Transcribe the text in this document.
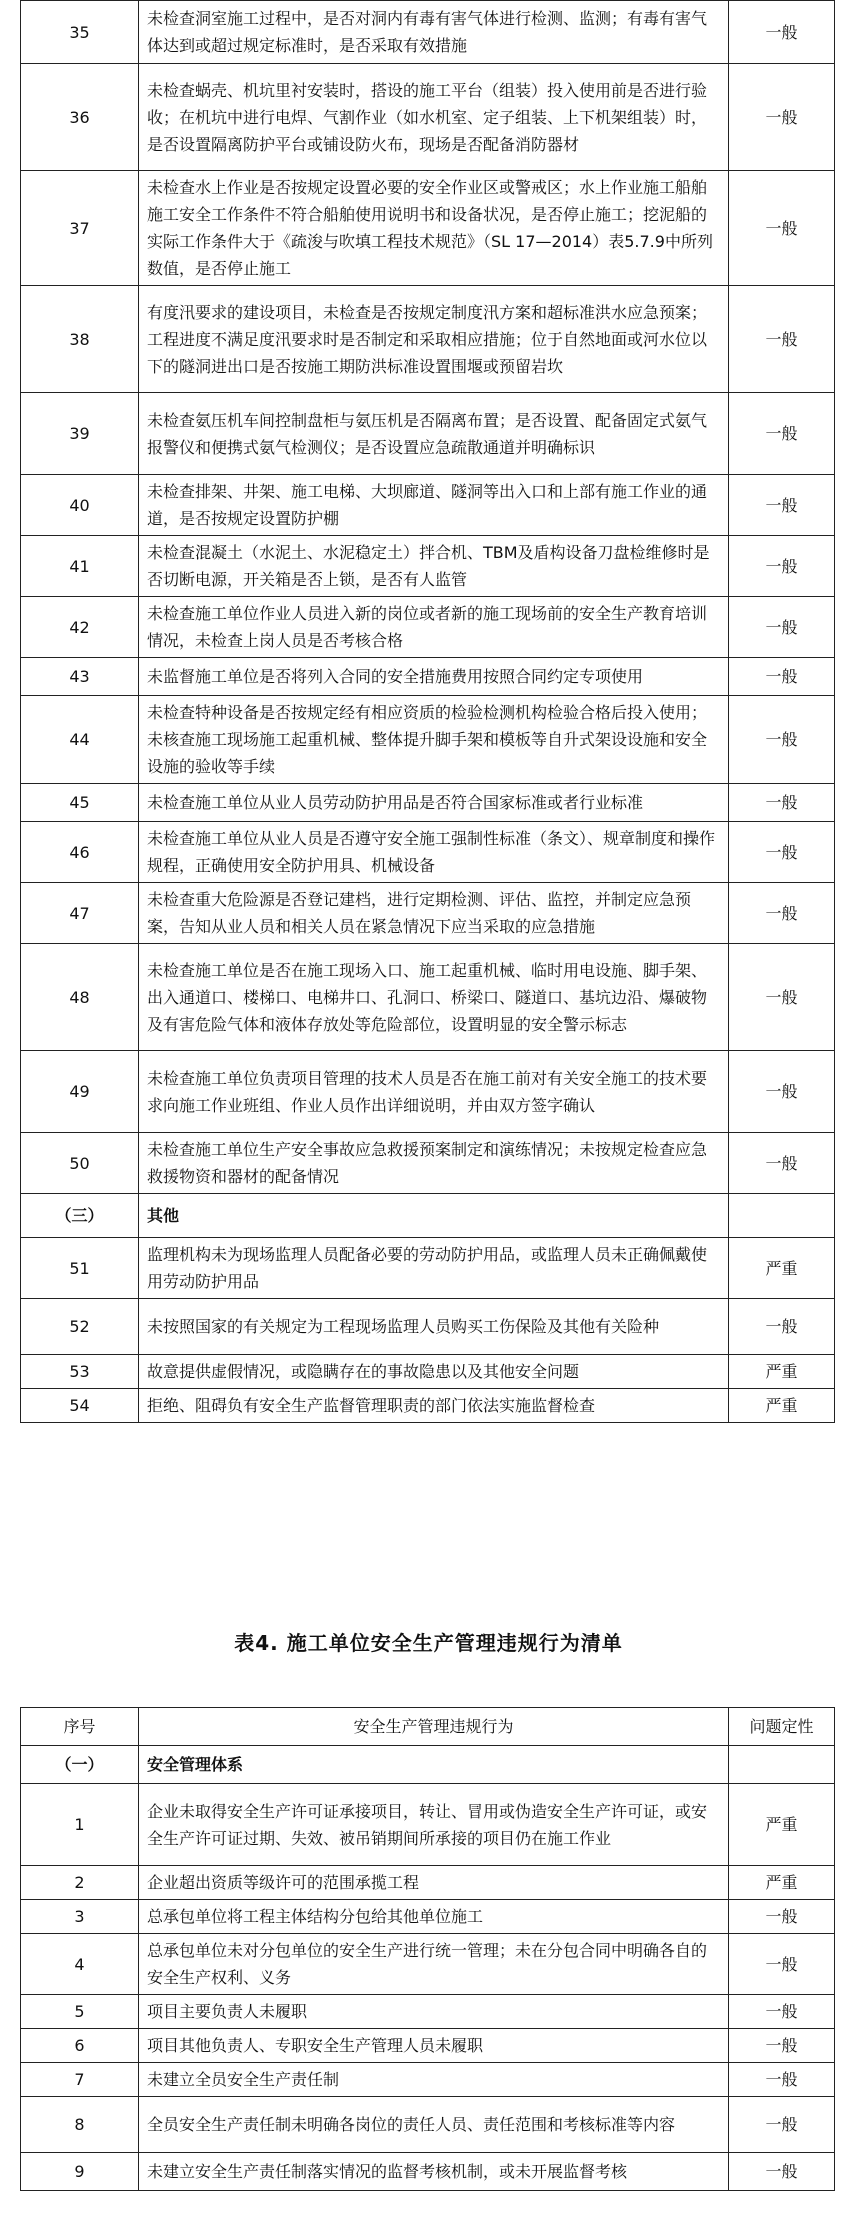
35	未检查洞室施工过程中，是否对洞内有毒有害气体进行检测、监测；有毒有害气体达到或超过规定标准时，是否采取有效措施	一般
36	未检查蜗壳、机坑里衬安装时，搭设的施工平台（组装）投入使用前是否进行验收；在机坑中进行电焊、气割作业（如水机室、定子组装、上下机架组装）时，是否设置隔离防护平台或铺设防火布，现场是否配备消防器材	一般
37	未检查水上作业是否按规定设置必要的安全作业区或警戒区；水上作业施工船舶施工安全工作条件不符合船舶使用说明书和设备状况，是否停止施工；挖泥船的实际工作条件大于《疏浚与吹填工程技术规范》（SL 17—2014）表5.7.9中所列数值，是否停止施工	一般
38	有度汛要求的建设项目，未检查是否按规定制度汛方案和超标准洪水应急预案；工程进度不满足度汛要求时是否制定和采取相应措施；位于自然地面或河水位以下的隧洞进出口是否按施工期防洪标准设置围堰或预留岩坎	一般
39	未检查氨压机车间控制盘柜与氨压机是否隔离布置；是否设置、配备固定式氨气报警仪和便携式氨气检测仪；是否设置应急疏散通道并明确标识	一般
40	未检查排架、井架、施工电梯、大坝廊道、隧洞等出入口和上部有施工作业的通道，是否按规定设置防护棚	一般
41	未检查混凝土（水泥土、水泥稳定土）拌合机、TBM及盾构设备刀盘检维修时是否切断电源，开关箱是否上锁，是否有人监管	一般
42	未检查施工单位作业人员进入新的岗位或者新的施工现场前的安全生产教育培训情况，未检查上岗人员是否考核合格	一般
43	未监督施工单位是否将列入合同的安全措施费用按照合同约定专项使用	一般
44	未检查特种设备是否按规定经有相应资质的检验检测机构检验合格后投入使用；未核查施工现场施工起重机械、整体提升脚手架和模板等自升式架设设施和安全设施的验收等手续	一般
45	未检查施工单位从业人员劳动防护用品是否符合国家标准或者行业标准	一般
46	未检查施工单位从业人员是否遵守安全施工强制性标准（条文）、规章制度和操作规程，正确使用安全防护用具、机械设备	一般
47	未检查重大危险源是否登记建档，进行定期检测、评估、监控，并制定应急预案，告知从业人员和相关人员在紧急情况下应当采取的应急措施	一般
48	未检查施工单位是否在施工现场入口、施工起重机械、临时用电设施、脚手架、出入通道口、楼梯口、电梯井口、孔洞口、桥梁口、隧道口、基坑边沿、爆破物及有害危险气体和液体存放处等危险部位，设置明显的安全警示标志	一般
49	未检查施工单位负责项目管理的技术人员是否在施工前对有关安全施工的技术要求向施工作业班组、作业人员作出详细说明，并由双方签字确认	一般
50	未检查施工单位生产安全事故应急救援预案制定和演练情况；未按规定检查应急救援物资和器材的配备情况	一般
（三）	其他	
51	监理机构未为现场监理人员配备必要的劳动防护用品，或监理人员未正确佩戴使用劳动防护用品	严重
52	未按照国家的有关规定为工程现场监理人员购买工伤保险及其他有关险种	一般
53	故意提供虚假情况，或隐瞒存在的事故隐患以及其他安全问题	严重
54	拒绝、阻碍负有安全生产监督管理职责的部门依法实施监督检查	严重
表4. 施工单位安全生产管理违规行为清单
序号	安全生产管理违规行为	问题定性
（一）	安全管理体系	
1	企业未取得安全生产许可证承接项目，转让、冒用或伪造安全生产许可证，或安全生产许可证过期、失效、被吊销期间所承接的项目仍在施工作业	严重
2	企业超出资质等级许可的范围承揽工程	严重
3	总承包单位将工程主体结构分包给其他单位施工	一般
4	总承包单位未对分包单位的安全生产进行统一管理；未在分包合同中明确各自的安全生产权利、义务	一般
5	项目主要负责人未履职	一般
6	项目其他负责人、专职安全生产管理人员未履职	一般
7	未建立全员安全生产责任制	一般
8	全员安全生产责任制未明确各岗位的责任人员、责任范围和考核标准等内容	一般
9	未建立安全生产责任制落实情况的监督考核机制，或未开展监督考核	一般
